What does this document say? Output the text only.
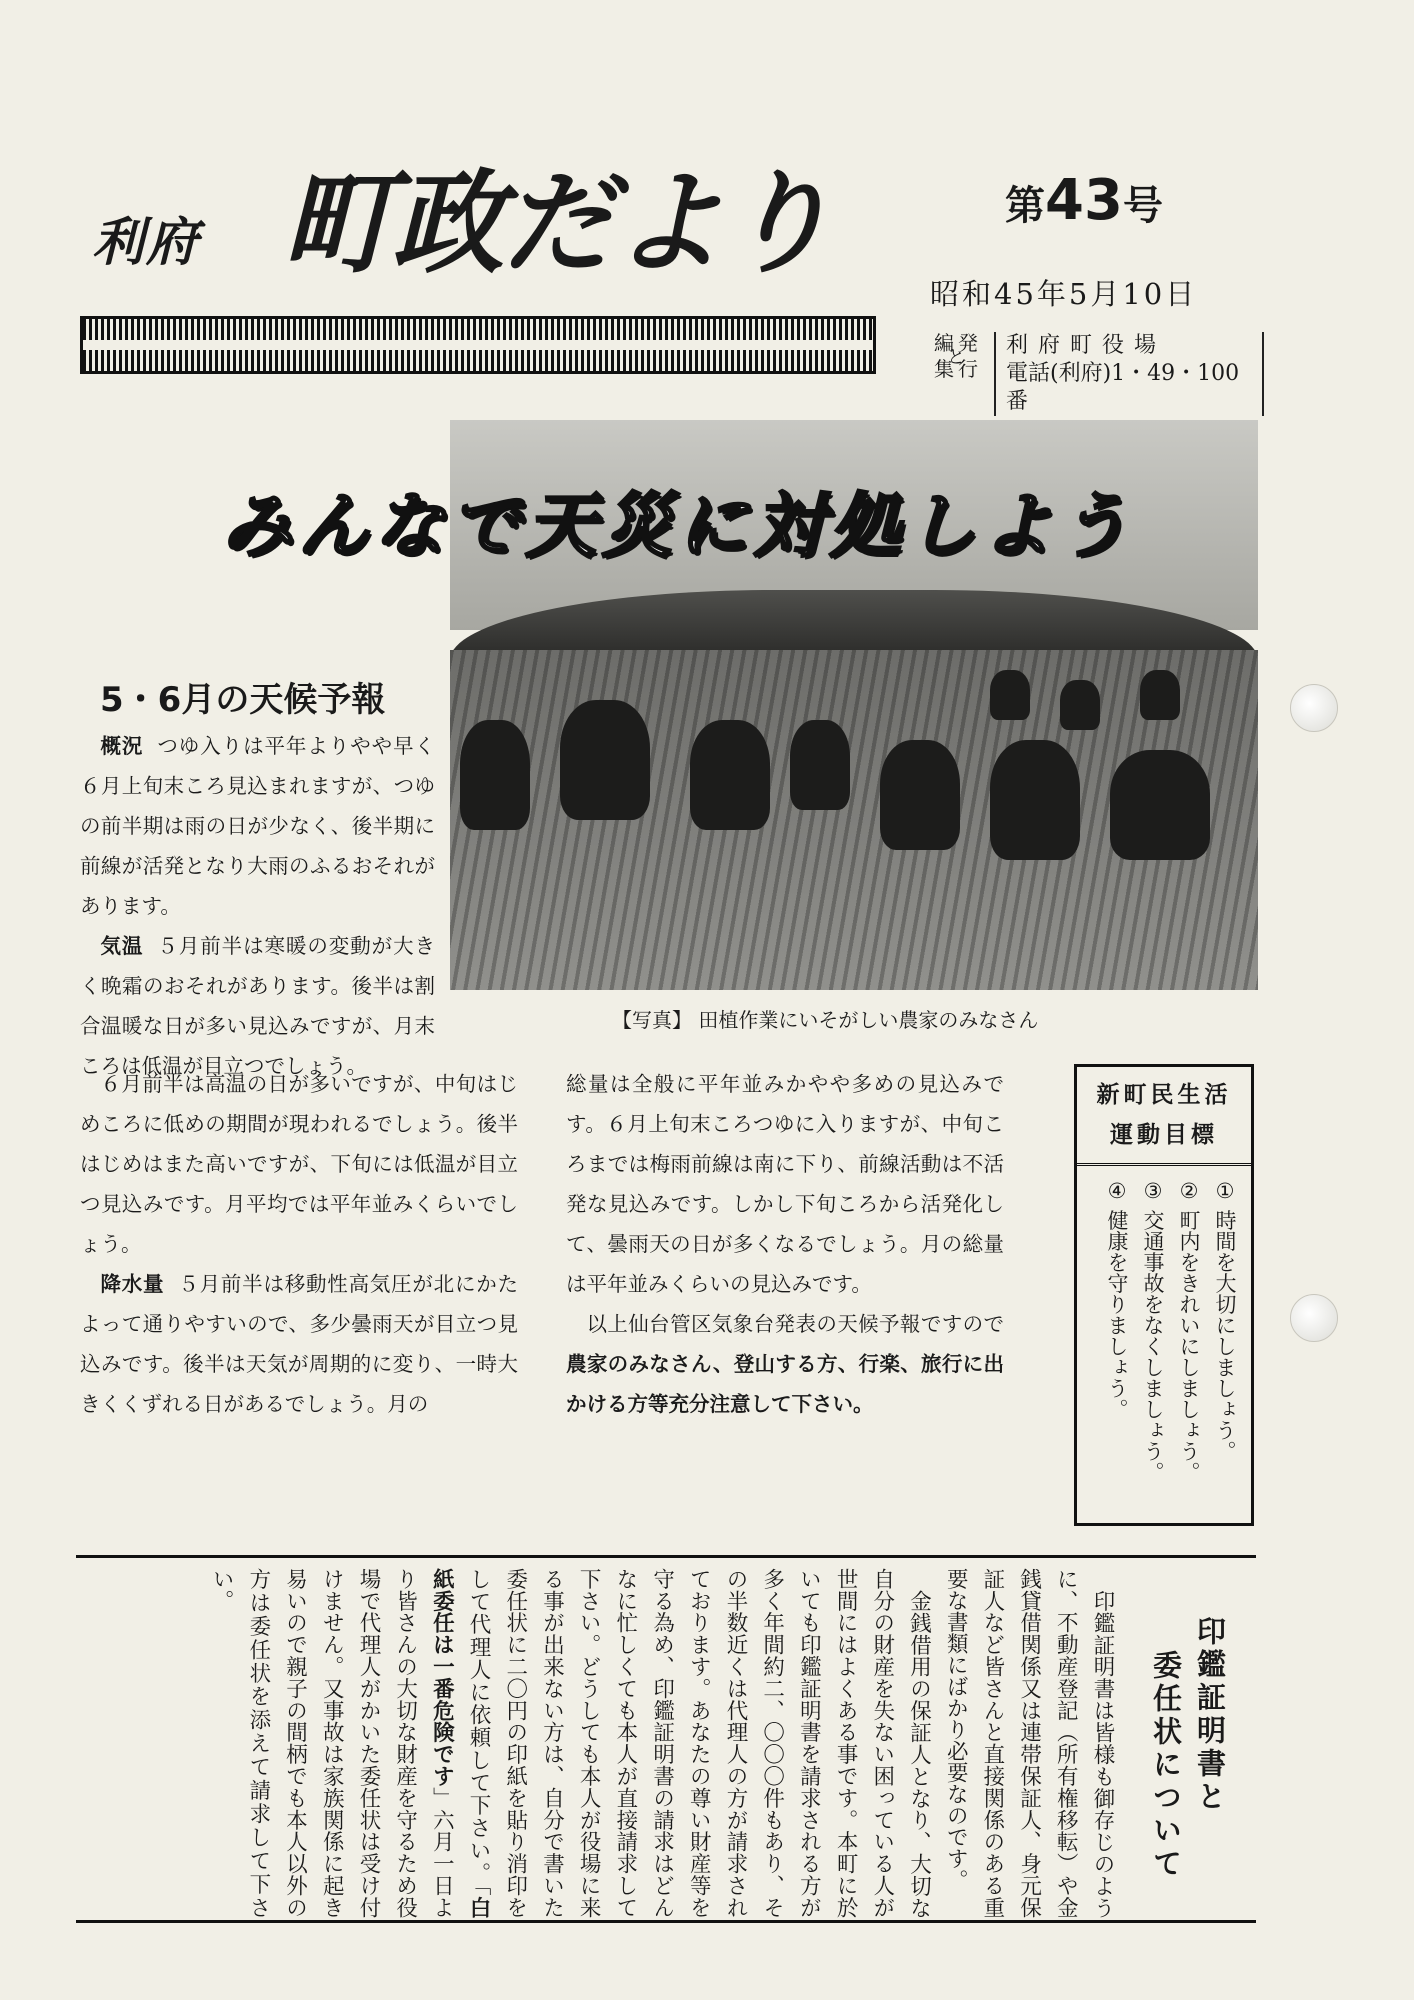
利府 町政だより	第43号
昭和45年5月10日
編
集
発
行
と 利府町役場
電話(利府)1・49・100番
みんなで天災に対処しよう
【写真】 田植作業にいそがしい農家のみなさん
5・6月の天候予報

概況 つゆ入りは平年よりやや早く６月上旬末ころ見込まれますが、つゆの前半期は雨の日が少なく、後半期に前線が活発となり大雨のふるおそれがあります。

気温 ５月前半は寒暖の変動が大きく晩霜のおそれがあります。後半は割合温暖な日が多い見込みですが、月末ころは低温が目立つでしょう。

６月前半は高温の日が多いですが、中旬はじめころに低めの期間が現われるでしょう。後半はじめはまた高いですが、下旬には低温が目立つ見込みです。月平均では平年並みくらいでしょう。

降水量 ５月前半は移動性高気圧が北にかたよって通りやすいので、多少曇雨天が目立つ見込みです。後半は天気が周期的に変り、一時大きくくずれる日があるでしょう。月の

総量は全般に平年並みかやや多めの見込みです。６月上旬末ころつゆに入りますが、中旬ころまでは梅雨前線は南に下り、前線活動は不活発な見込みです。しかし下旬ころから活発化して、曇雨天の日が多くなるでしょう。月の総量は平年並みくらいの見込みです。

以上仙台管区気象台発表の天候予報ですので農家のみなさん、登山する方、行楽、旅行に出かける方等充分注意して下さい。

新町民生活
運動目標
① 時間を大切にしましょう。
② 町内をきれいにしましょう。
③ 交通事故をなくしましょう。
④ 健康を守りましょう。
印鑑証明書と
委任状について

印鑑証明書は皆様も御存じのように、不動産登記（所有権移転）や金銭貸借関係又は連帯保証人、身元保証人など皆さんと直接関係のある重要な書類にばかり必要なのです。

金銭借用の保証人となり、大切な自分の財産を失ない困っている人が世間にはよくある事です。本町に於いても印鑑証明書を請求される方が多く年間約二、〇〇〇件もあり、その半数近くは代理人の方が請求されております。あなたの尊い財産等を守る為め、印鑑証明書の請求はどんなに忙しくても本人が直接請求して下さい。どうしても本人が役場に来る事が出来ない方は、自分で書いた委任状に二〇円の印紙を貼り消印をして代理人に依頼して下さい。「白紙委任は一番危険です」六月一日より皆さんの大切な財産を守るため役場で代理人がかいた委任状は受け付けません。又事故は家族関係に起き易いので親子の間柄でも本人以外の方は委任状を添えて請求して下さい。
